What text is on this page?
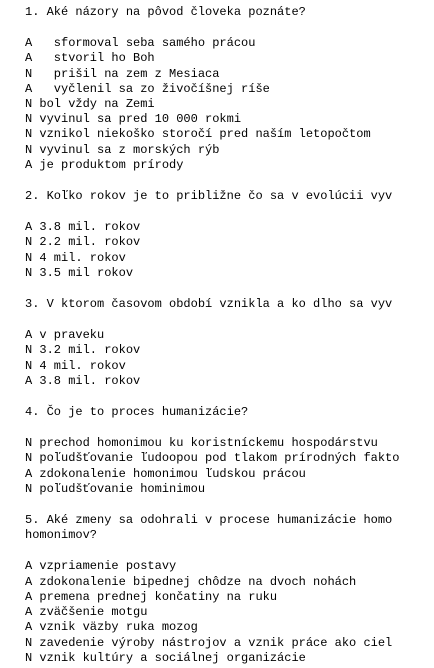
1. Aké názory na pôvod človeka poznáte?
A   sformoval seba samého prácou
A   stvoril ho Boh
N   prišil na zem z Mesiaca
A   vyčlenil sa zo živočíšnej ríše
N bol vždy na Zemi
N vyvinul sa pred 10 000 rokmi
N vznikol niekoško storočí pred naším letopočtom
N vyvinul sa z morských rýb
A je produktom prírody
2. Koľko rokov je to približne čo sa v evolúcii vyv
A 3.8 mil. rokov
N 2.2 mil. rokov
N 4 mil. rokov
N 3.5 mil rokov
3. V ktorom časovom období vznikla a ko dlho sa vyv
A v praveku
N 3.2 mil. rokov
N 4 mil. rokov
A 3.8 mil. rokov
4. Čo je to proces humanizácie?
N prechod homonimou ku koristníckemu hospodárstvu
N poľudšťovanie ľudoopou pod tlakom prírodných fakto
A zdokonalenie homonimou ľudskou prácou
N poľudšťovanie hominimou
5. Aké zmeny sa odohrali v procese humanizácie homo
homonimov?
A vzpriamenie postavy
A zdokonalenie bipednej chôdze na dvoch nohách
A premena prednej končatiny na ruku
A zväčšenie motgu
A vznik väzby ruka mozog
N zavedenie výroby nástrojov a vznik práce ako ciel
N vznik kultúry a sociálnej organizácie
